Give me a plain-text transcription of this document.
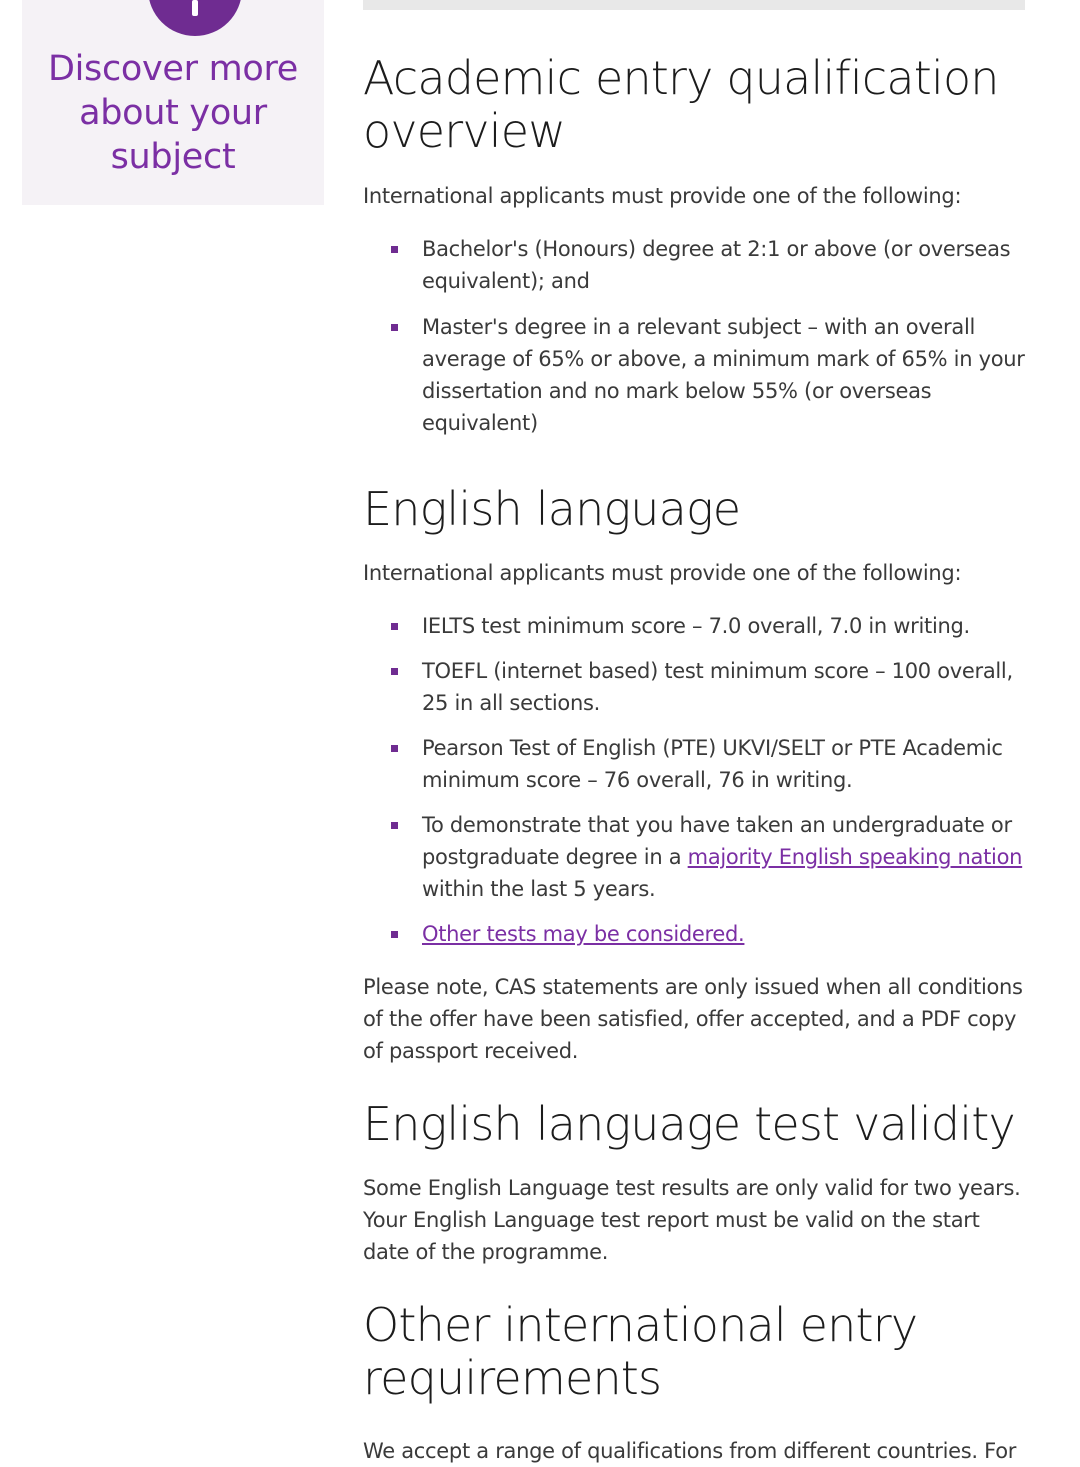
Discover more
about your
subject
Academic entry qualification
overview

International applicants must provide one of the following:

Bachelor's (Honours) degree at 2:1 or above (or overseas equivalent); and
Master's degree in a relevant subject – with an overall average of 65% or above, a minimum mark of 65% in your dissertation and no mark below 55% (or overseas equivalent)
English language

International applicants must provide one of the following:

IELTS test minimum score – 7.0 overall, 7.0 in writing.
TOEFL (internet based) test minimum score – 100 overall, 25 in all sections.
Pearson Test of English (PTE) UKVI/SELT or PTE Academic minimum score – 76 overall, 76 in writing.
To demonstrate that you have taken an undergraduate or postgraduate degree in a majority English speaking nation within the last 5 years.
Other tests may be considered.

Please note, CAS statements are only issued when all conditions of the offer have been satisfied, offer accepted, and a PDF copy of passport received.

English language test validity

Some English Language test results are only valid for two years. Your English Language test report must be valid on the start date of the programme.

Other international entry
requirements

We accept a range of qualifications from different countries. For
